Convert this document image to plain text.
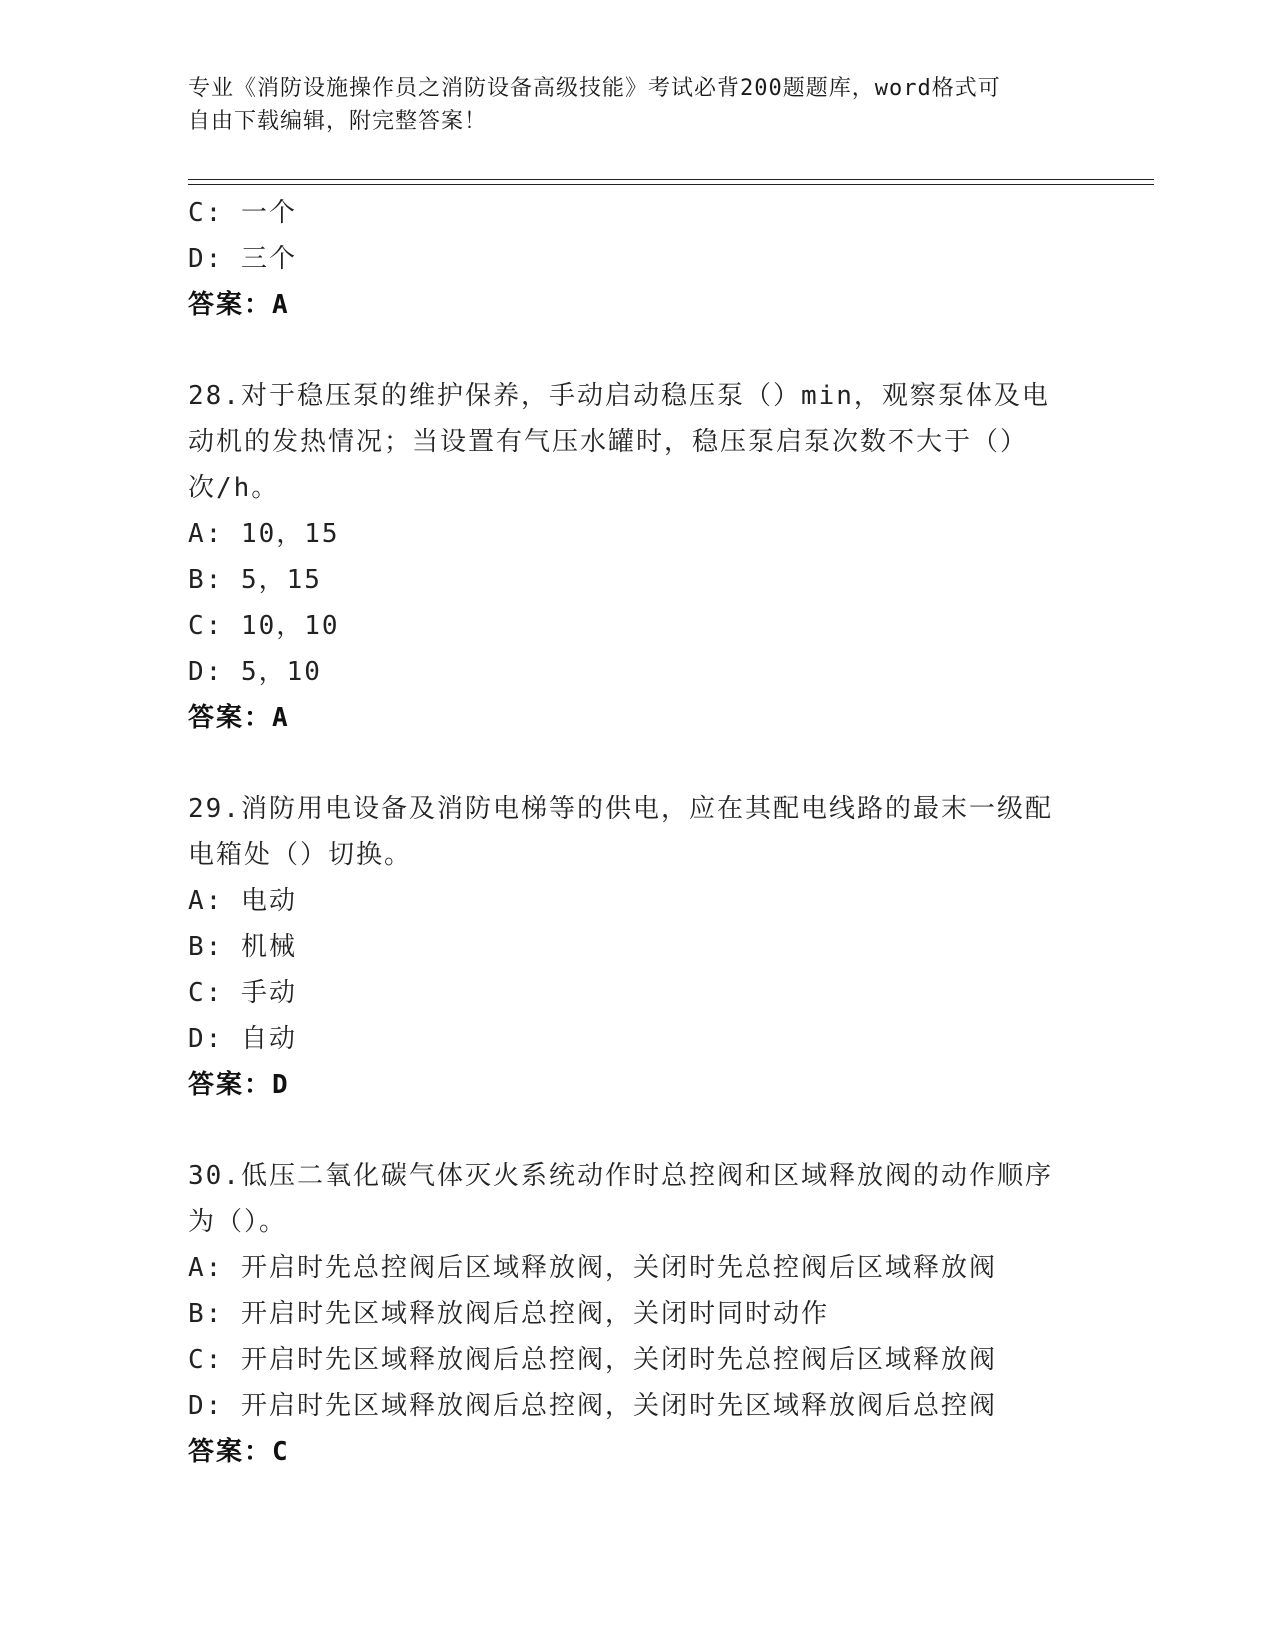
专业《消防设施操作员之消防设备高级技能》考试必背200题题库，word格式可
自由下载编辑，附完整答案！
C: 一个
D: 三个
答案：A
28.对于稳压泵的维护保养，手动启动稳压泵（）min，观察泵体及电
动机的发热情况；当设置有气压水罐时，稳压泵启泵次数不大于（）
次/h。
A: 10，15
B: 5，15
C: 10，10
D: 5，10
答案：A
29.消防用电设备及消防电梯等的供电，应在其配电线路的最末一级配
电箱处（）切换。
A: 电动
B: 机械
C: 手动
D: 自动
答案：D
30.低压二氧化碳气体灭火系统动作时总控阀和区域释放阀的动作顺序
为（）。
A: 开启时先总控阀后区域释放阀，关闭时先总控阀后区域释放阀
B: 开启时先区域释放阀后总控阀，关闭时同时动作
C: 开启时先区域释放阀后总控阀，关闭时先总控阀后区域释放阀
D: 开启时先区域释放阀后总控阀，关闭时先区域释放阀后总控阀
答案：C
